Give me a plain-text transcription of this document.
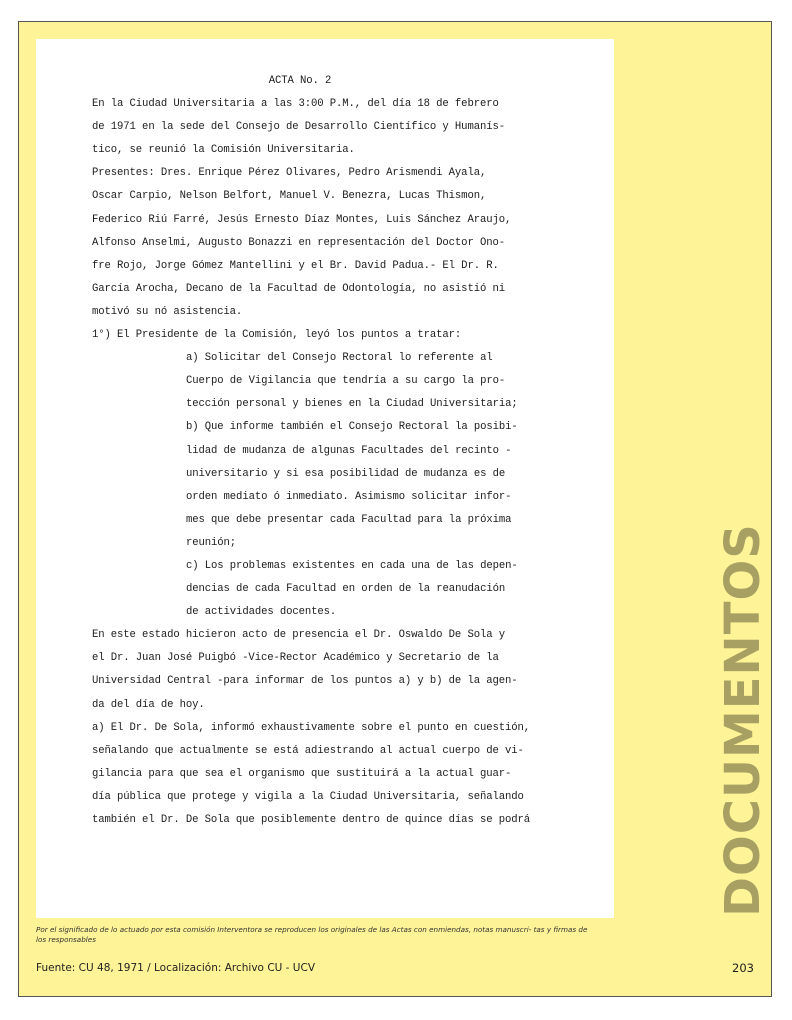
ACTA No. 2
En la Ciudad Universitaria a las 3:00 P.M., del día 18 de febrero
de 1971 en la sede del Consejo de Desarrollo Científico y Humanís-
tico, se reunió la Comisión Universitaria.
Presentes: Dres. Enrique Pérez Olivares, Pedro Arismendi Ayala,
Oscar Carpio, Nelson Belfort, Manuel V. Benezra, Lucas Thismon,
Federico Riú Farré, Jesús Ernesto Díaz Montes, Luis Sánchez Araujo,
Alfonso Anselmi, Augusto Bonazzi en representación del Doctor Ono-
fre Rojo, Jorge Gómez Mantellini y el Br. David Padua.- El Dr. R.
García Arocha, Decano de la Facultad de Odontología, no asistió ni
motivó su nó asistencia.
1°) El Presidente de la Comisión, leyó los puntos a tratar:
a) Solicitar del Consejo Rectoral lo referente al
Cuerpo de Vigilancia que tendría a su cargo la pro-
tección personal y bienes en la Ciudad Universitaria;
b) Que informe también el Consejo Rectoral la posibi-
lidad de mudanza de algunas Facultades del recinto -
universitario y si esa posibilidad de mudanza es de
orden mediato ó inmediato. Asimismo solicitar infor-
mes que debe presentar cada Facultad para la próxima
reunión;
c) Los problemas existentes en cada una de las depen-
dencias de cada Facultad en orden de la reanudación
de actividades docentes.
En este estado hicieron acto de presencia el Dr. Oswaldo De Sola y
el Dr. Juan José Puigbó -Vice-Rector Académico y Secretario de la
Universidad Central -para informar de los puntos a) y b) de la agen-
da del día de hoy.
a) El Dr. De Sola, informó exhaustivamente sobre el punto en cuestión,
señalando que actualmente se está adiestrando al actual cuerpo de vi-
gilancia para que sea el organismo que sustituirá a la actual guar-
día pública que protege y vigila a la Ciudad Universitaria, señalando
también el Dr. De Sola que posiblemente dentro de quince días se podrá	DOCUMENTOS
Por el significado de lo actuado por esta comisión Interventora se reproducen los originales de las Actas con enmiendas, notas manuscri- tas y firmas de los responsables
Fuente: CU 48, 1971 / Localización: Archivo CU - UCV	203
